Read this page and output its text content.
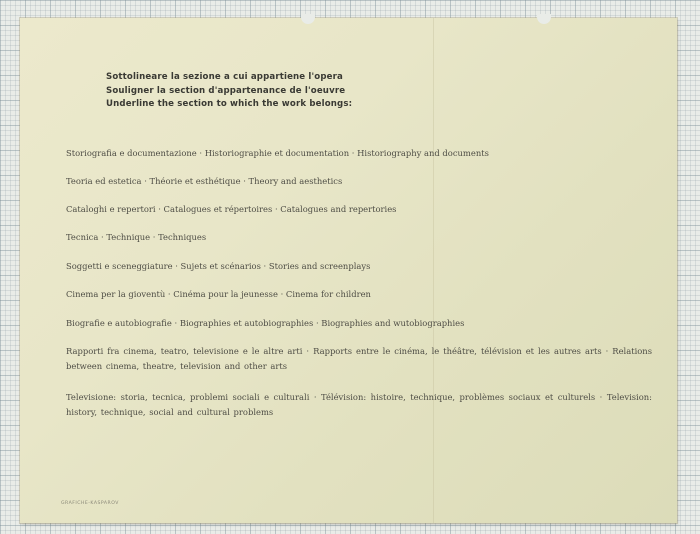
Sottolineare la sezione a cui appartiene l'opera
Souligner la section d'appartenance de l'oeuvre
Underline the section to which the work belongs:
Storiografia e documentazione · Historiographie et documentation · Historiography and documents
Teoria ed estetica · Théorie et esthétique · Theory and aesthetics
Cataloghi e repertori · Catalogues et répertoires · Catalogues and repertories
Tecnica · Technique · Techniques
Soggetti e sceneggiature · Sujets et scénarios · Stories and screenplays
Cinema per la gioventù · Cinéma pour la jeunesse · Cinema for children
Biografie e autobiografie · Biographies et autobiographies · Biographies and wutobiographies
Rapporti fra cinema, teatro, televisione e le altre arti · Rapports entre le cinéma, le théâtre, télévision et les autres arts · Relations between cinema, theatre, television and other arts
Televisione: storia, tecnica, problemi sociali e culturali · Télévision: histoire, technique, problèmes sociaux et culturels · Television: history, technique, social and cultural problems
GRAFICHE-KASPAROV
